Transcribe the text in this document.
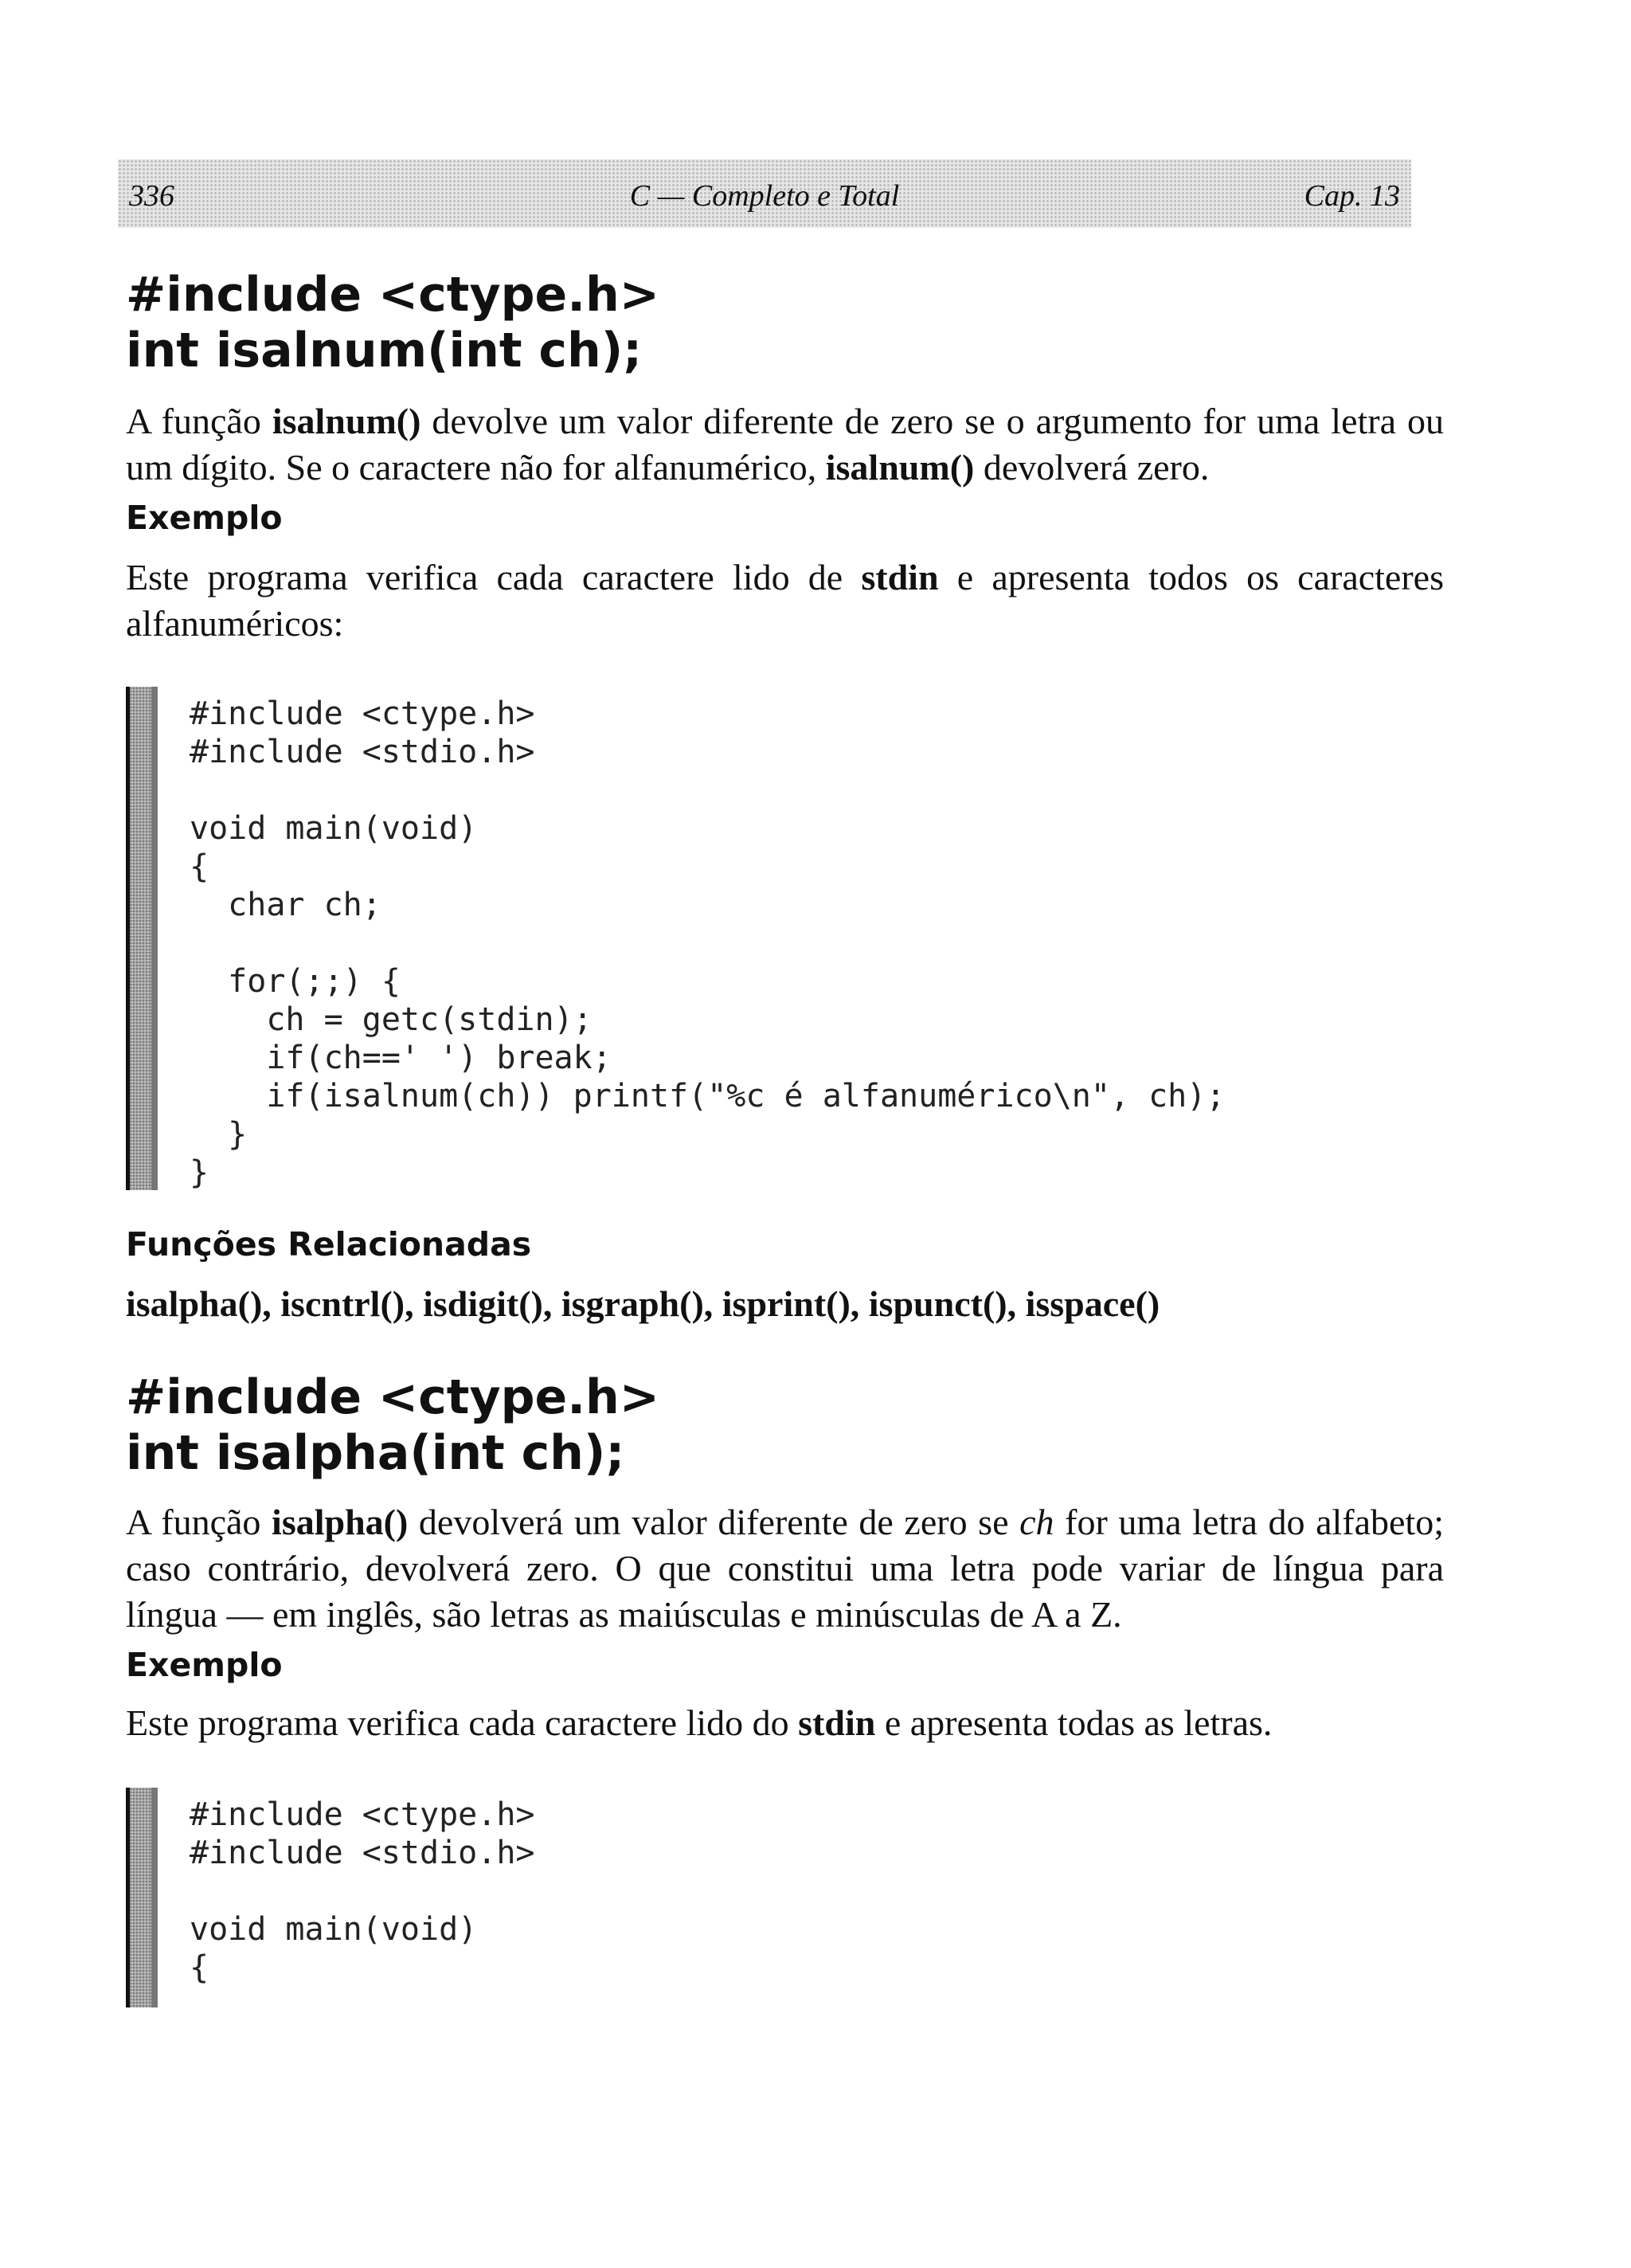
336	C — Completo e Total	Cap. 13
#include <ctype.h>
int isalnum(int ch);

A função isalnum() devolve um valor diferente de zero se o argumento for uma letra ou um dígito. Se o caractere não for alfanumérico, isalnum() devolverá zero.

Exemplo

Este programa verifica cada caractere lido de stdin e apresenta todos os caracteres alfanuméricos:

#include <ctype.h>
#include <stdio.h>
void main(void)
{
char ch;
for(;;) {
ch = getc(stdin);
if(ch==' ') break;
if(isalnum(ch)) printf("%c é alfanumérico\n", ch);
}
}
Funções Relacionadas

isalpha(), iscntrl(), isdigit(), isgraph(), isprint(), ispunct(), isspace()

#include <ctype.h>
int isalpha(int ch);

A função isalpha() devolverá um valor diferente de zero se ch for uma letra do alfabeto; caso contrário, devolverá zero. O que constitui uma letra pode variar de língua para língua — em inglês, são letras as maiúsculas e minúsculas de A a Z.

Exemplo

Este programa verifica cada caractere lido do stdin e apresenta todas as letras.

#include <ctype.h>
#include <stdio.h>
void main(void)
{
